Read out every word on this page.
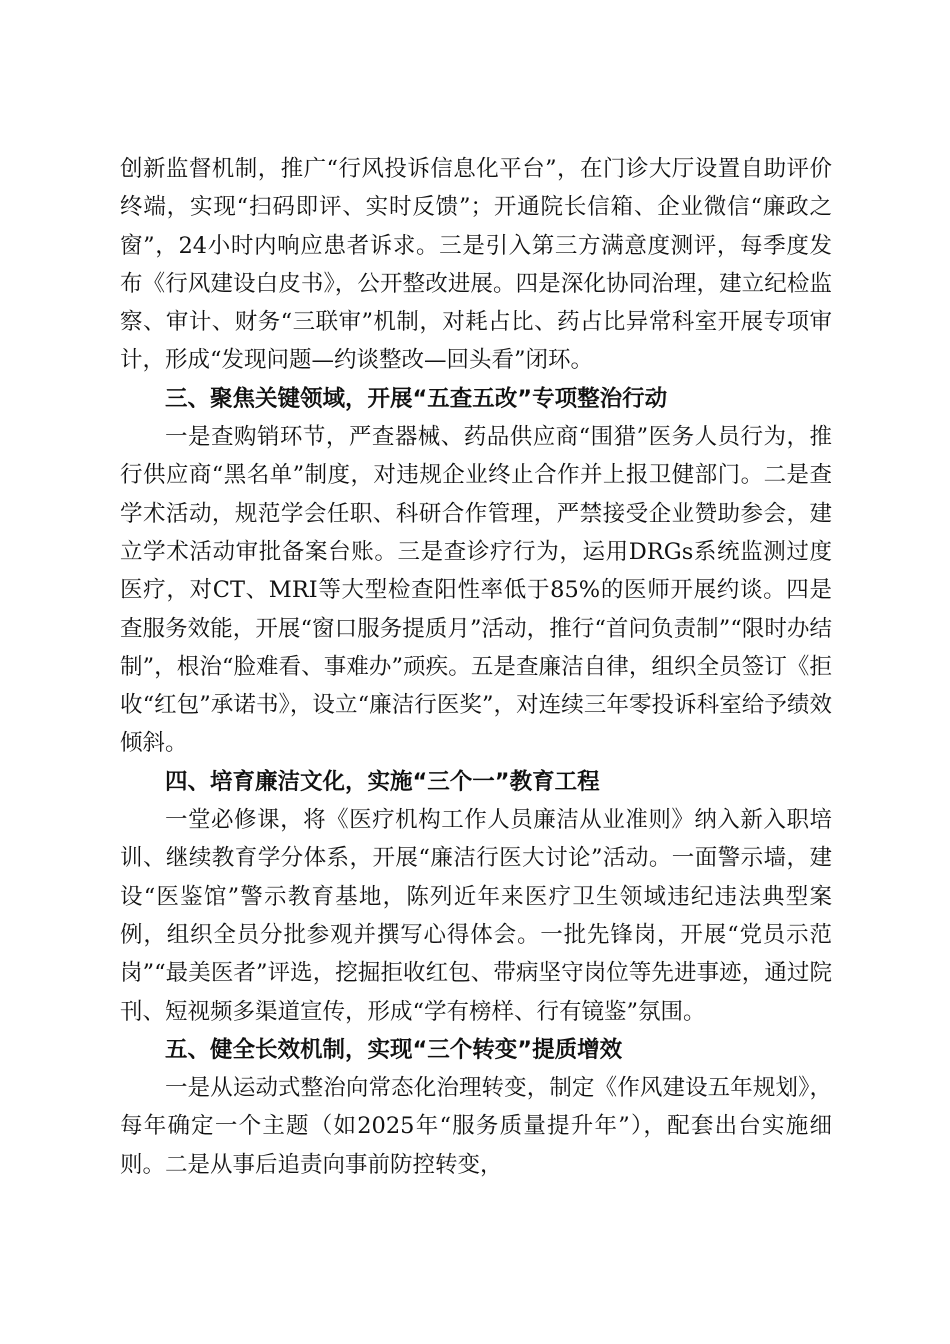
创新监督机制，推广“行风投诉信息化平台”，在门诊大厅设置自助评价终端，实现“扫码即评、实时反馈”；开通院长信箱、企业微信“廉政之窗”，24小时内响应患者诉求。三是引入第三方满意度测评，每季度发布《行风建设白皮书》，公开整改进展。四是深化协同治理，建立纪检监察、审计、财务“三联审”机制，对耗占比、药占比异常科室开展专项审计，形成“发现问题—约谈整改—回头看”闭环。

三、聚焦关键领域，开展“五查五改”专项整治行动

一是查购销环节，严查器械、药品供应商“围猎”医务人员行为，推行供应商“黑名单”制度，对违规企业终止合作并上报卫健部门。二是查学术活动，规范学会任职、科研合作管理，严禁接受企业赞助参会，建立学术活动审批备案台账。三是查诊疗行为，运用DRGs系统监测过度医疗，对CT、MRI等大型检查阳性率低于85%的医师开展约谈。四是查服务效能，开展“窗口服务提质月”活动，推行“首问负责制”“限时办结制”，根治“脸难看、事难办”顽疾。五是查廉洁自律，组织全员签订《拒收“红包”承诺书》，设立“廉洁行医奖”，对连续三年零投诉科室给予绩效倾斜。

四、培育廉洁文化，实施“三个一”教育工程

一堂必修课，将《医疗机构工作人员廉洁从业准则》纳入新入职培训、继续教育学分体系，开展“廉洁行医大讨论”活动。一面警示墙，建设“医鉴馆”警示教育基地，陈列近年来医疗卫生领域违纪违法典型案例，组织全员分批参观并撰写心得体会。一批先锋岗，开展“党员示范岗”“最美医者”评选，挖掘拒收红包、带病坚守岗位等先进事迹，通过院刊、短视频多渠道宣传，形成“学有榜样、行有镜鉴”氛围。

五、健全长效机制，实现“三个转变”提质增效

一是从运动式整治向常态化治理转变，制定《作风建设五年规划》，每年确定一个主题（如2025年“服务质量提升年”），配套出台实施细则。二是从事后追责向事前防控转变，
